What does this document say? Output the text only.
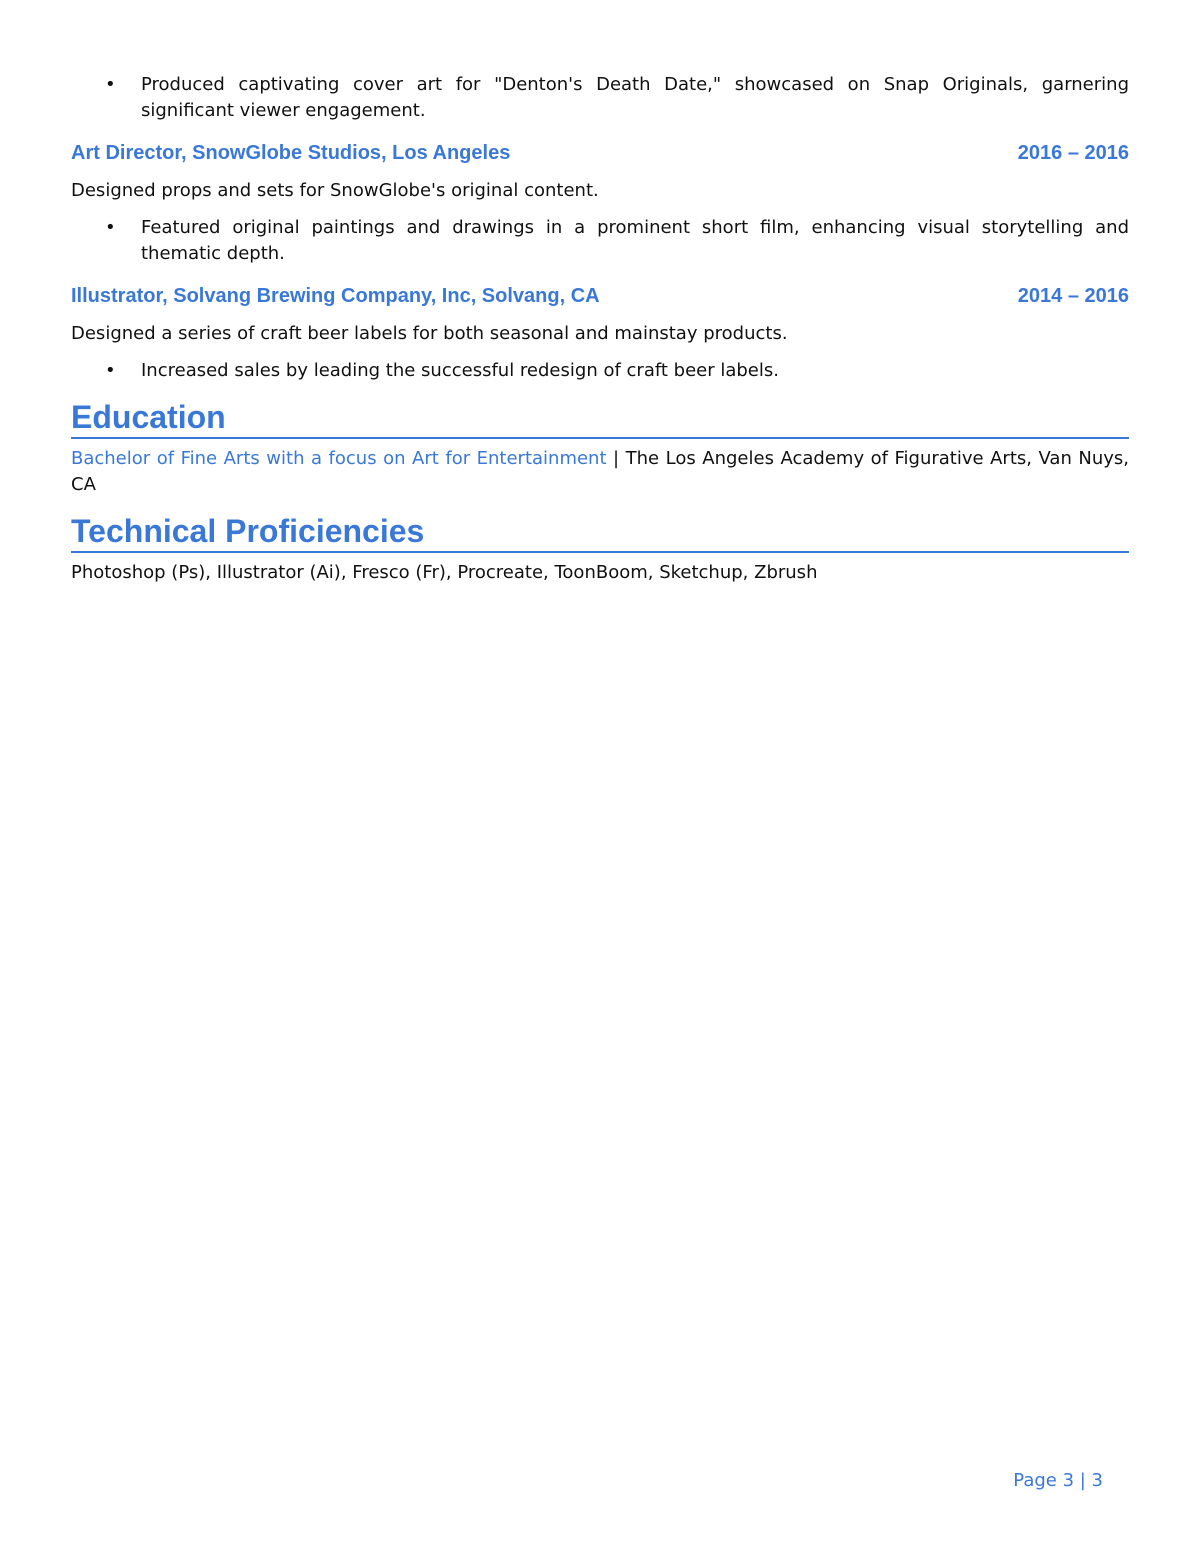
• Produced captivating cover art for "Denton's Death Date," showcased on Snap Originals, garnering significant viewer engagement.
Art Director, SnowGlobe Studios, Los Angeles	2016 – 2016

Designed props and sets for SnowGlobe's original content.

• Featured original paintings and drawings in a prominent short film, enhancing visual storytelling and thematic depth.
Illustrator, Solvang Brewing Company, Inc, Solvang, CA	2014 – 2016

Designed a series of craft beer labels for both seasonal and mainstay products.

• Increased sales by leading the successful redesign of craft beer labels.
Education

Bachelor of Fine Arts with a focus on Art for Entertainment | The Los Angeles Academy of Figurative Arts, Van Nuys, CA

Technical Proficiencies

Photoshop (Ps), Illustrator (Ai), Fresco (Fr), Procreate, ToonBoom, Sketchup, Zbrush

Page 3 | 3
